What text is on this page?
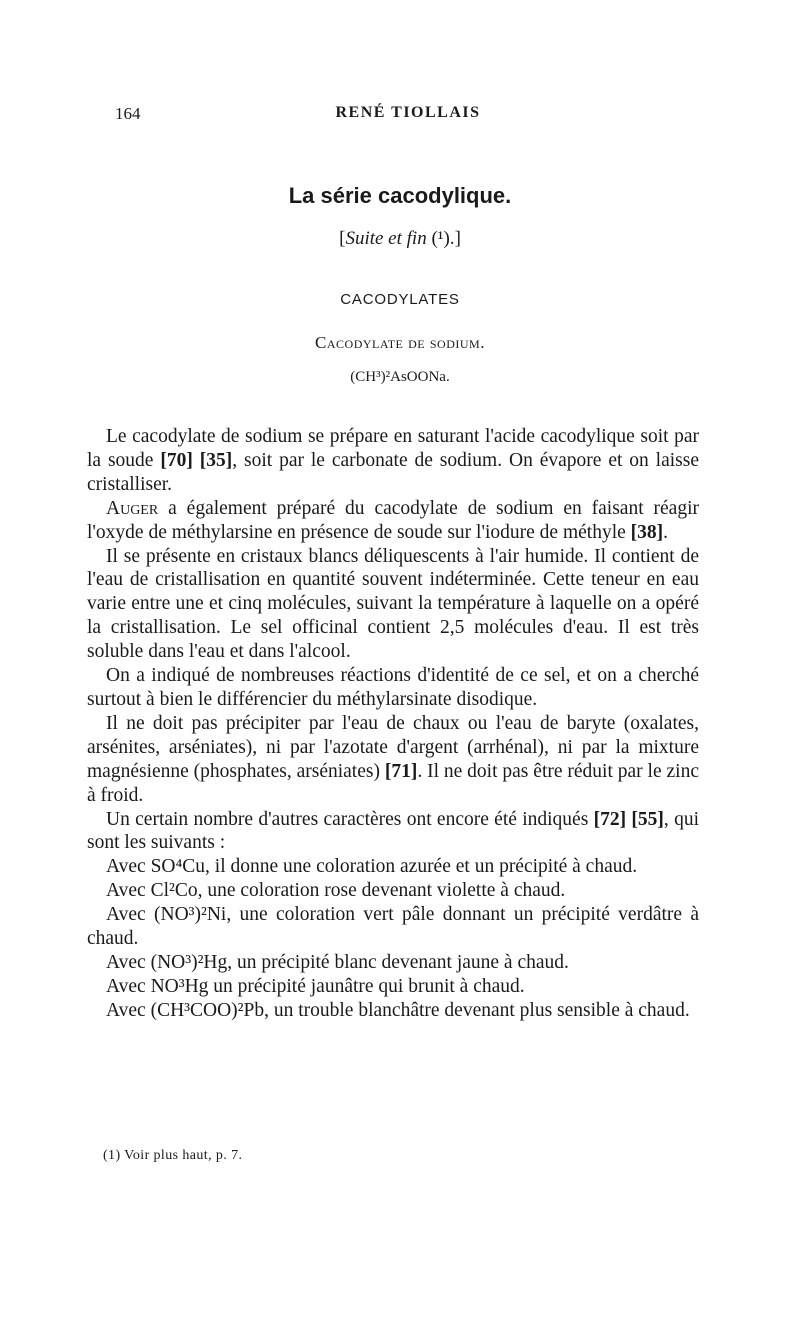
164	RENÉ TIOLLAIS
La série cacodylique.
[Suite et fin (¹).]
CACODYLATES
Cacodylate de sodium.
(CH³)²AsOONa.

Le cacodylate de sodium se prépare en saturant l'acide cacodylique soit par la soude [70] [35], soit par le carbonate de sodium. On évapore et on laisse cristalliser.

Auger a également préparé du cacodylate de sodium en faisant réagir l'oxyde de méthylarsine en présence de soude sur l'iodure de méthyle [38].

Il se présente en cristaux blancs déliquescents à l'air humide. Il contient de l'eau de cristallisation en quantité souvent indéterminée. Cette teneur en eau varie entre une et cinq molécules, suivant la température à laquelle on a opéré la cristallisation. Le sel officinal contient 2,5 molécules d'eau. Il est très soluble dans l'eau et dans l'alcool.

On a indiqué de nombreuses réactions d'identité de ce sel, et on a cherché surtout à bien le différencier du méthylarsinate disodique.

Il ne doit pas précipiter par l'eau de chaux ou l'eau de baryte (oxalates, arsénites, arséniates), ni par l'azotate d'argent (arrhénal), ni par la mixture magnésienne (phosphates, arséniates) [71]. Il ne doit pas être réduit par le zinc à froid.

Un certain nombre d'autres caractères ont encore été indiqués [72] [55], qui sont les suivants :

Avec SO⁴Cu, il donne une coloration azurée et un précipité à chaud.

Avec Cl²Co, une coloration rose devenant violette à chaud.

Avec (NO³)²Ni, une coloration vert pâle donnant un précipité verdâtre à chaud.

Avec (NO³)²Hg, un précipité blanc devenant jaune à chaud.

Avec NO³Hg un précipité jaunâtre qui brunit à chaud.

Avec (CH³COO)²Pb, un trouble blanchâtre devenant plus sensible à chaud.

(1) Voir plus haut, p. 7.
